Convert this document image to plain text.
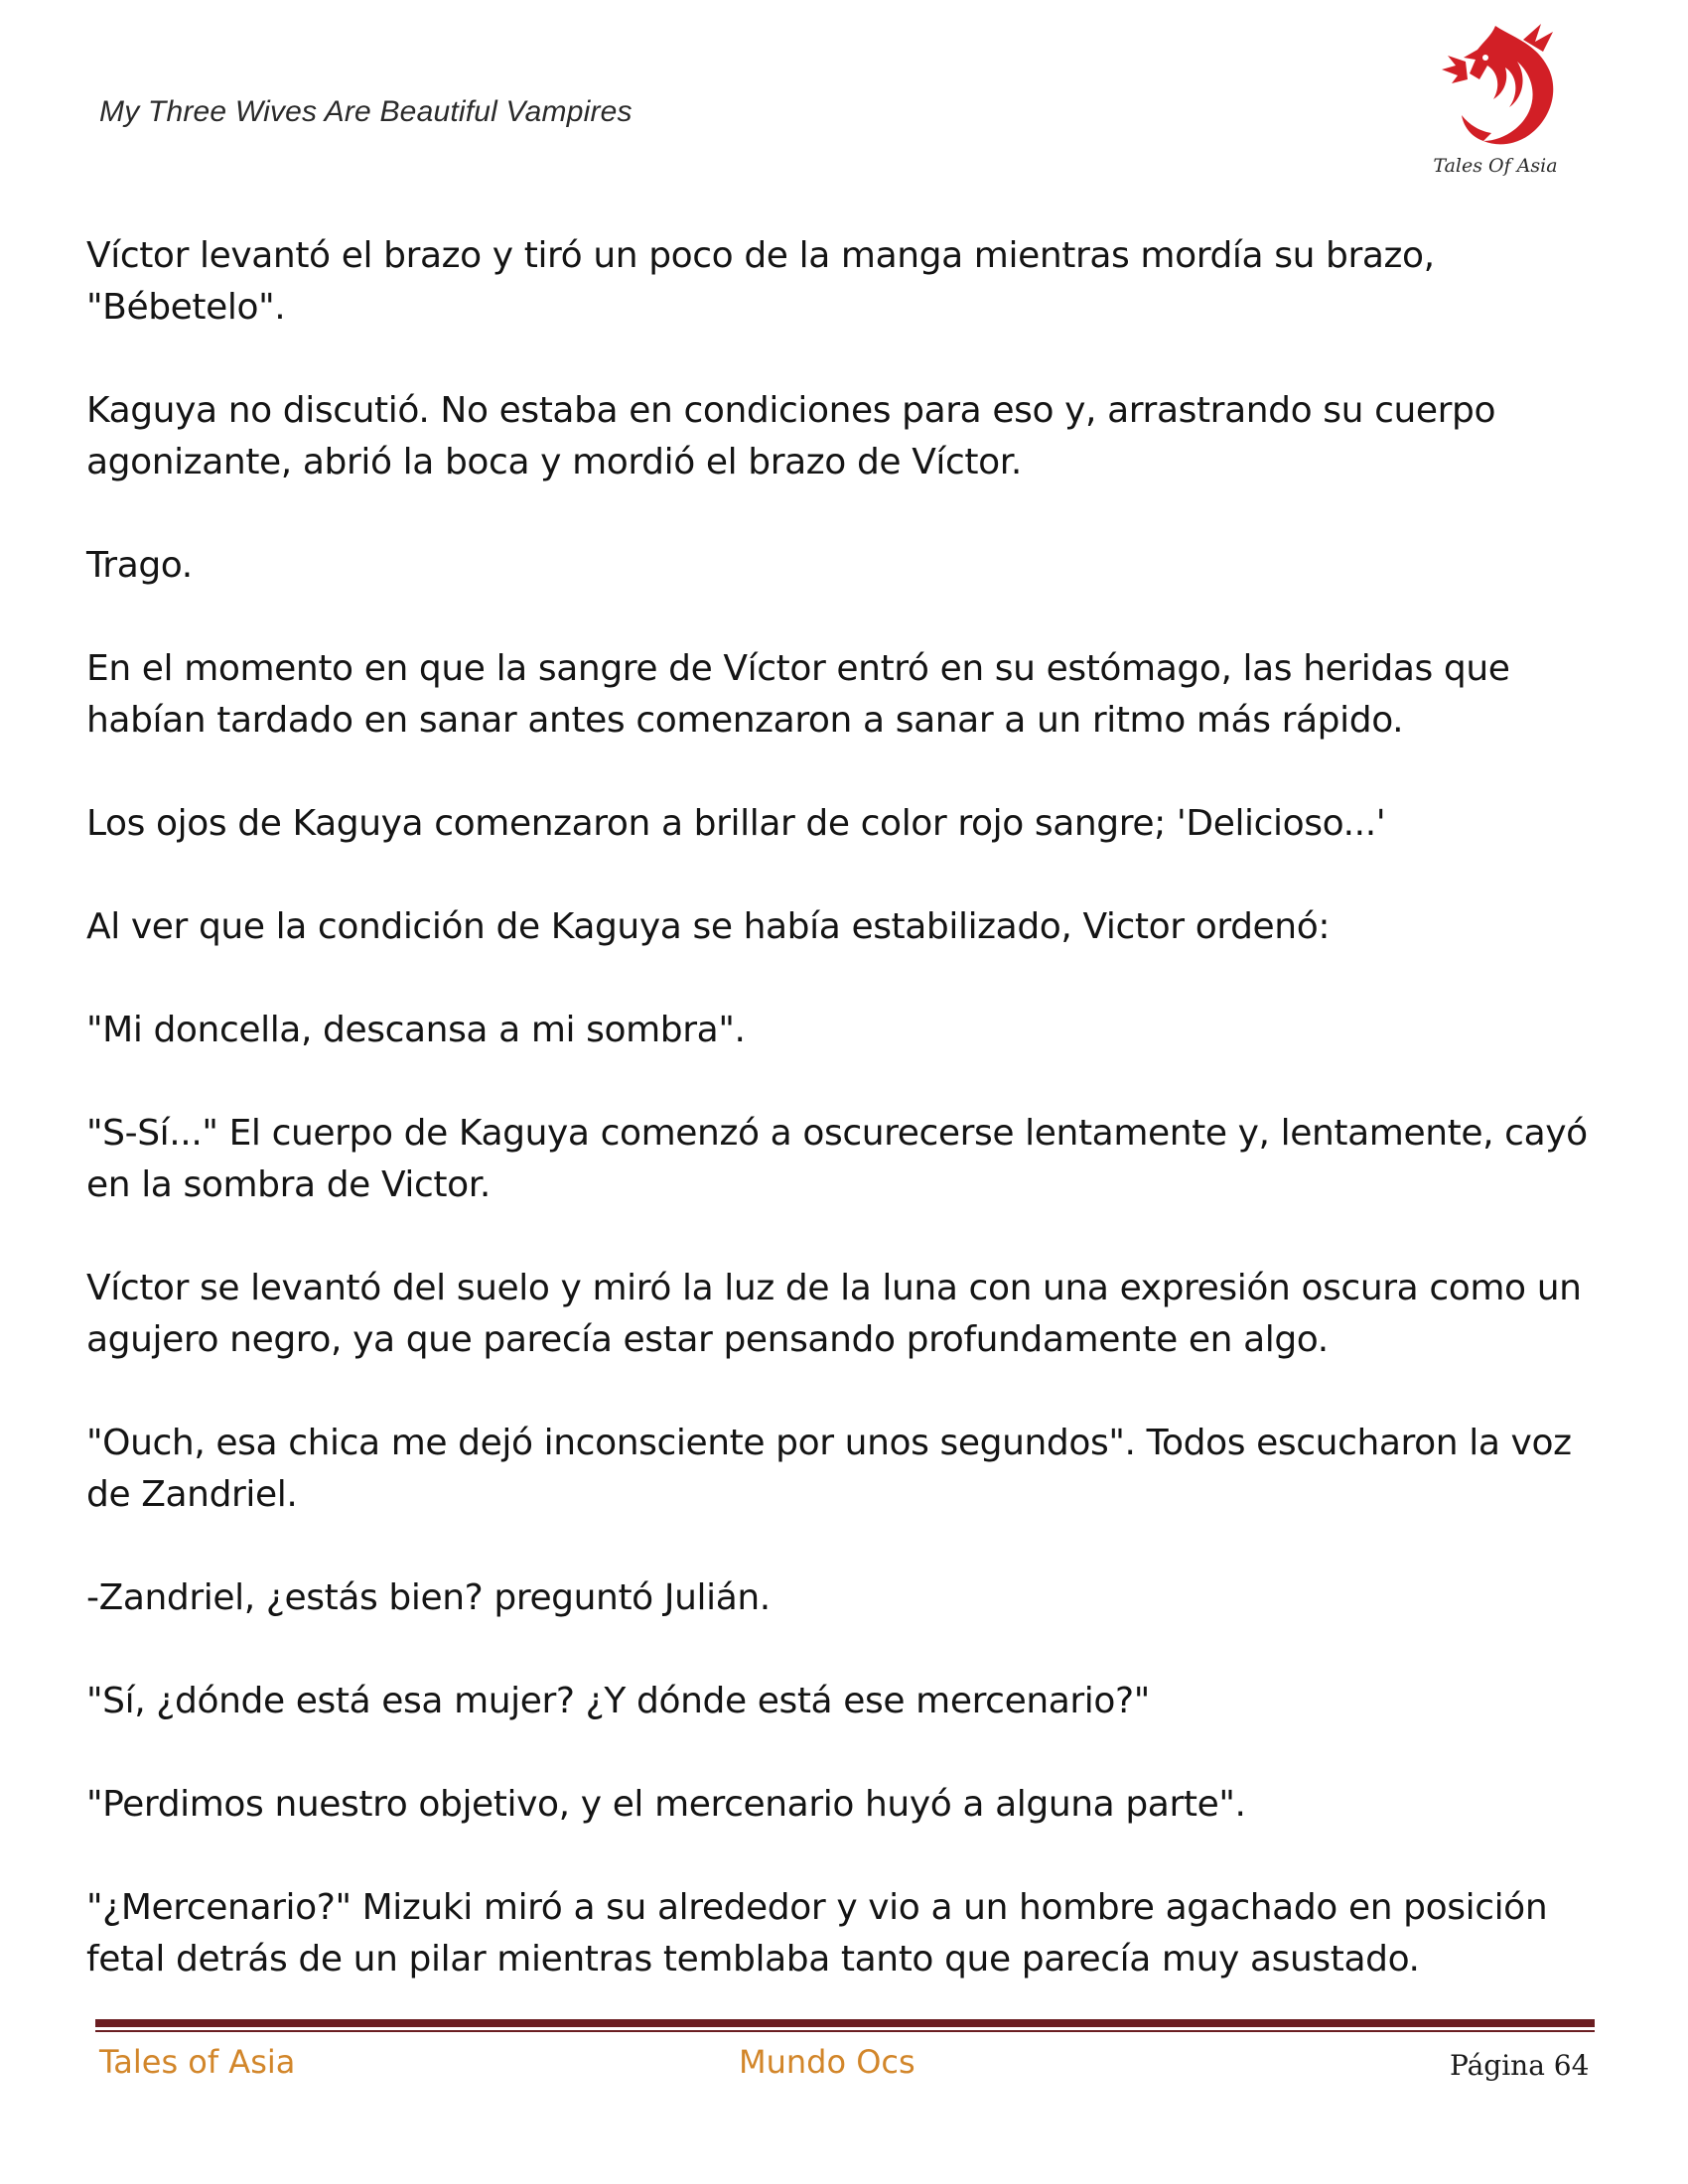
My Three Wives Are Beautiful Vampires
Tales Of Asia

Víctor levantó el brazo y tiró un poco de la manga mientras mordía su brazo, "Bébetelo".

Kaguya no discutió. No estaba en condiciones para eso y, arrastrando su cuerpo agonizante, abrió la boca y mordió el brazo de Víctor.

Trago.

En el momento en que la sangre de Víctor entró en su estómago, las heridas que habían tardado en sanar antes comenzaron a sanar a un ritmo más rápido.

Los ojos de Kaguya comenzaron a brillar de color rojo sangre; 'Delicioso...'

Al ver que la condición de Kaguya se había estabilizado, Victor ordenó:

"Mi doncella, descansa a mi sombra".

"S-Sí..." El cuerpo de Kaguya comenzó a oscurecerse lentamente y, lentamente, cayó en la sombra de Victor.

Víctor se levantó del suelo y miró la luz de la luna con una expresión oscura como un agujero negro, ya que parecía estar pensando profundamente en algo.

"Ouch, esa chica me dejó inconsciente por unos segundos". Todos escucharon la voz de Zandriel.

-Zandriel, ¿estás bien? preguntó Julián.

"Sí, ¿dónde está esa mujer? ¿Y dónde está ese mercenario?"

"Perdimos nuestro objetivo, y el mercenario huyó a alguna parte".

"¿Mercenario?" Mizuki miró a su alrededor y vio a un hombre agachado en posición fetal detrás de un pilar mientras temblaba tanto que parecía muy asustado.

Tales of Asia	Mundo Ocs	Página 64
